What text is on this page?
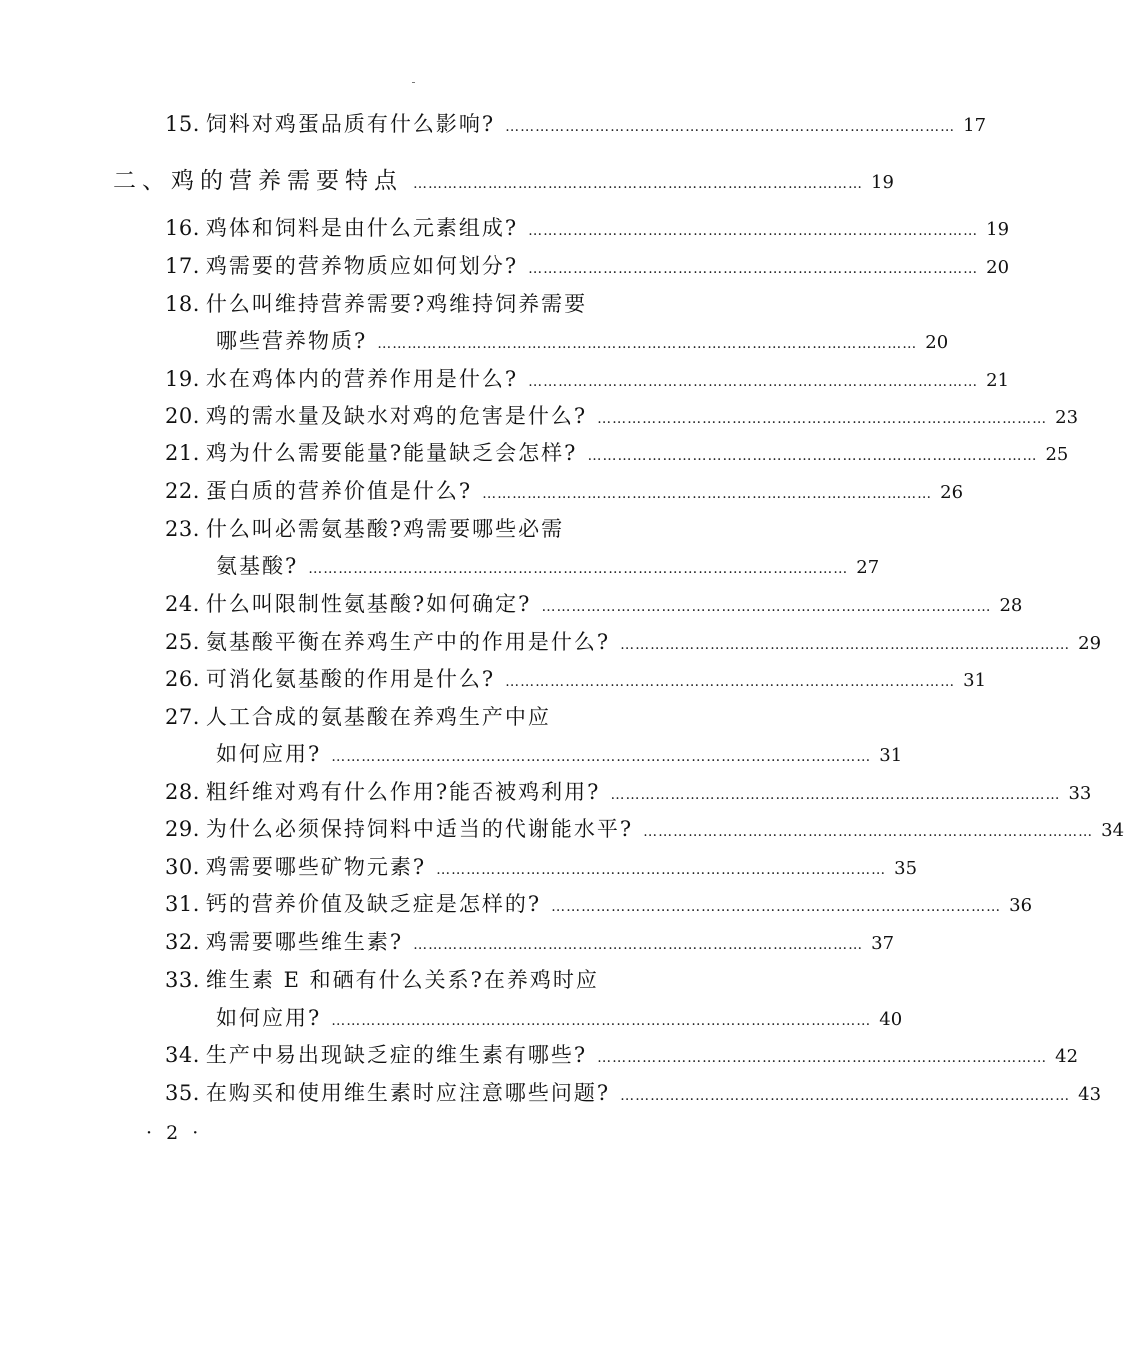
15. 饲料对鸡蛋品质有什么影响? ……………………………………………………………………………… 17
二、鸡的营养需要特点 ……………………………………………………………………………… 19
16. 鸡体和饲料是由什么元素组成? ……………………………………………………………………………… 19
17. 鸡需要的营养物质应如何划分? ……………………………………………………………………………… 20
18. 什么叫维持营养需要?鸡维持饲养需要
哪些营养物质? ……………………………………………………………………………………………… 20
19. 水在鸡体内的营养作用是什么? ……………………………………………………………………………… 21
20. 鸡的需水量及缺水对鸡的危害是什么? ……………………………………………………………………………… 23
21. 鸡为什么需要能量?能量缺乏会怎样? ……………………………………………………………………………… 25
22. 蛋白质的营养价值是什么? ……………………………………………………………………………… 26
23. 什么叫必需氨基酸?鸡需要哪些必需
氨基酸? ……………………………………………………………………………………………… 27
24. 什么叫限制性氨基酸?如何确定? ……………………………………………………………………………… 28
25. 氨基酸平衡在养鸡生产中的作用是什么? ……………………………………………………………………………… 29
26. 可消化氨基酸的作用是什么? ……………………………………………………………………………… 31
27. 人工合成的氨基酸在养鸡生产中应
如何应用? ……………………………………………………………………………………………… 31
28. 粗纤维对鸡有什么作用?能否被鸡利用? ……………………………………………………………………………… 33
29. 为什么必须保持饲料中适当的代谢能水平? ……………………………………………………………………………… 34
30. 鸡需要哪些矿物元素? ……………………………………………………………………………… 35
31. 钙的营养价值及缺乏症是怎样的? ……………………………………………………………………………… 36
32. 鸡需要哪些维生素? ……………………………………………………………………………… 37
33. 维生素 E 和硒有什么关系?在养鸡时应
如何应用? ……………………………………………………………………………………………… 40
34. 生产中易出现缺乏症的维生素有哪些? ……………………………………………………………………………… 42
35. 在购买和使用维生素时应注意哪些问题? ……………………………………………………………………………… 43
· 2 ·
